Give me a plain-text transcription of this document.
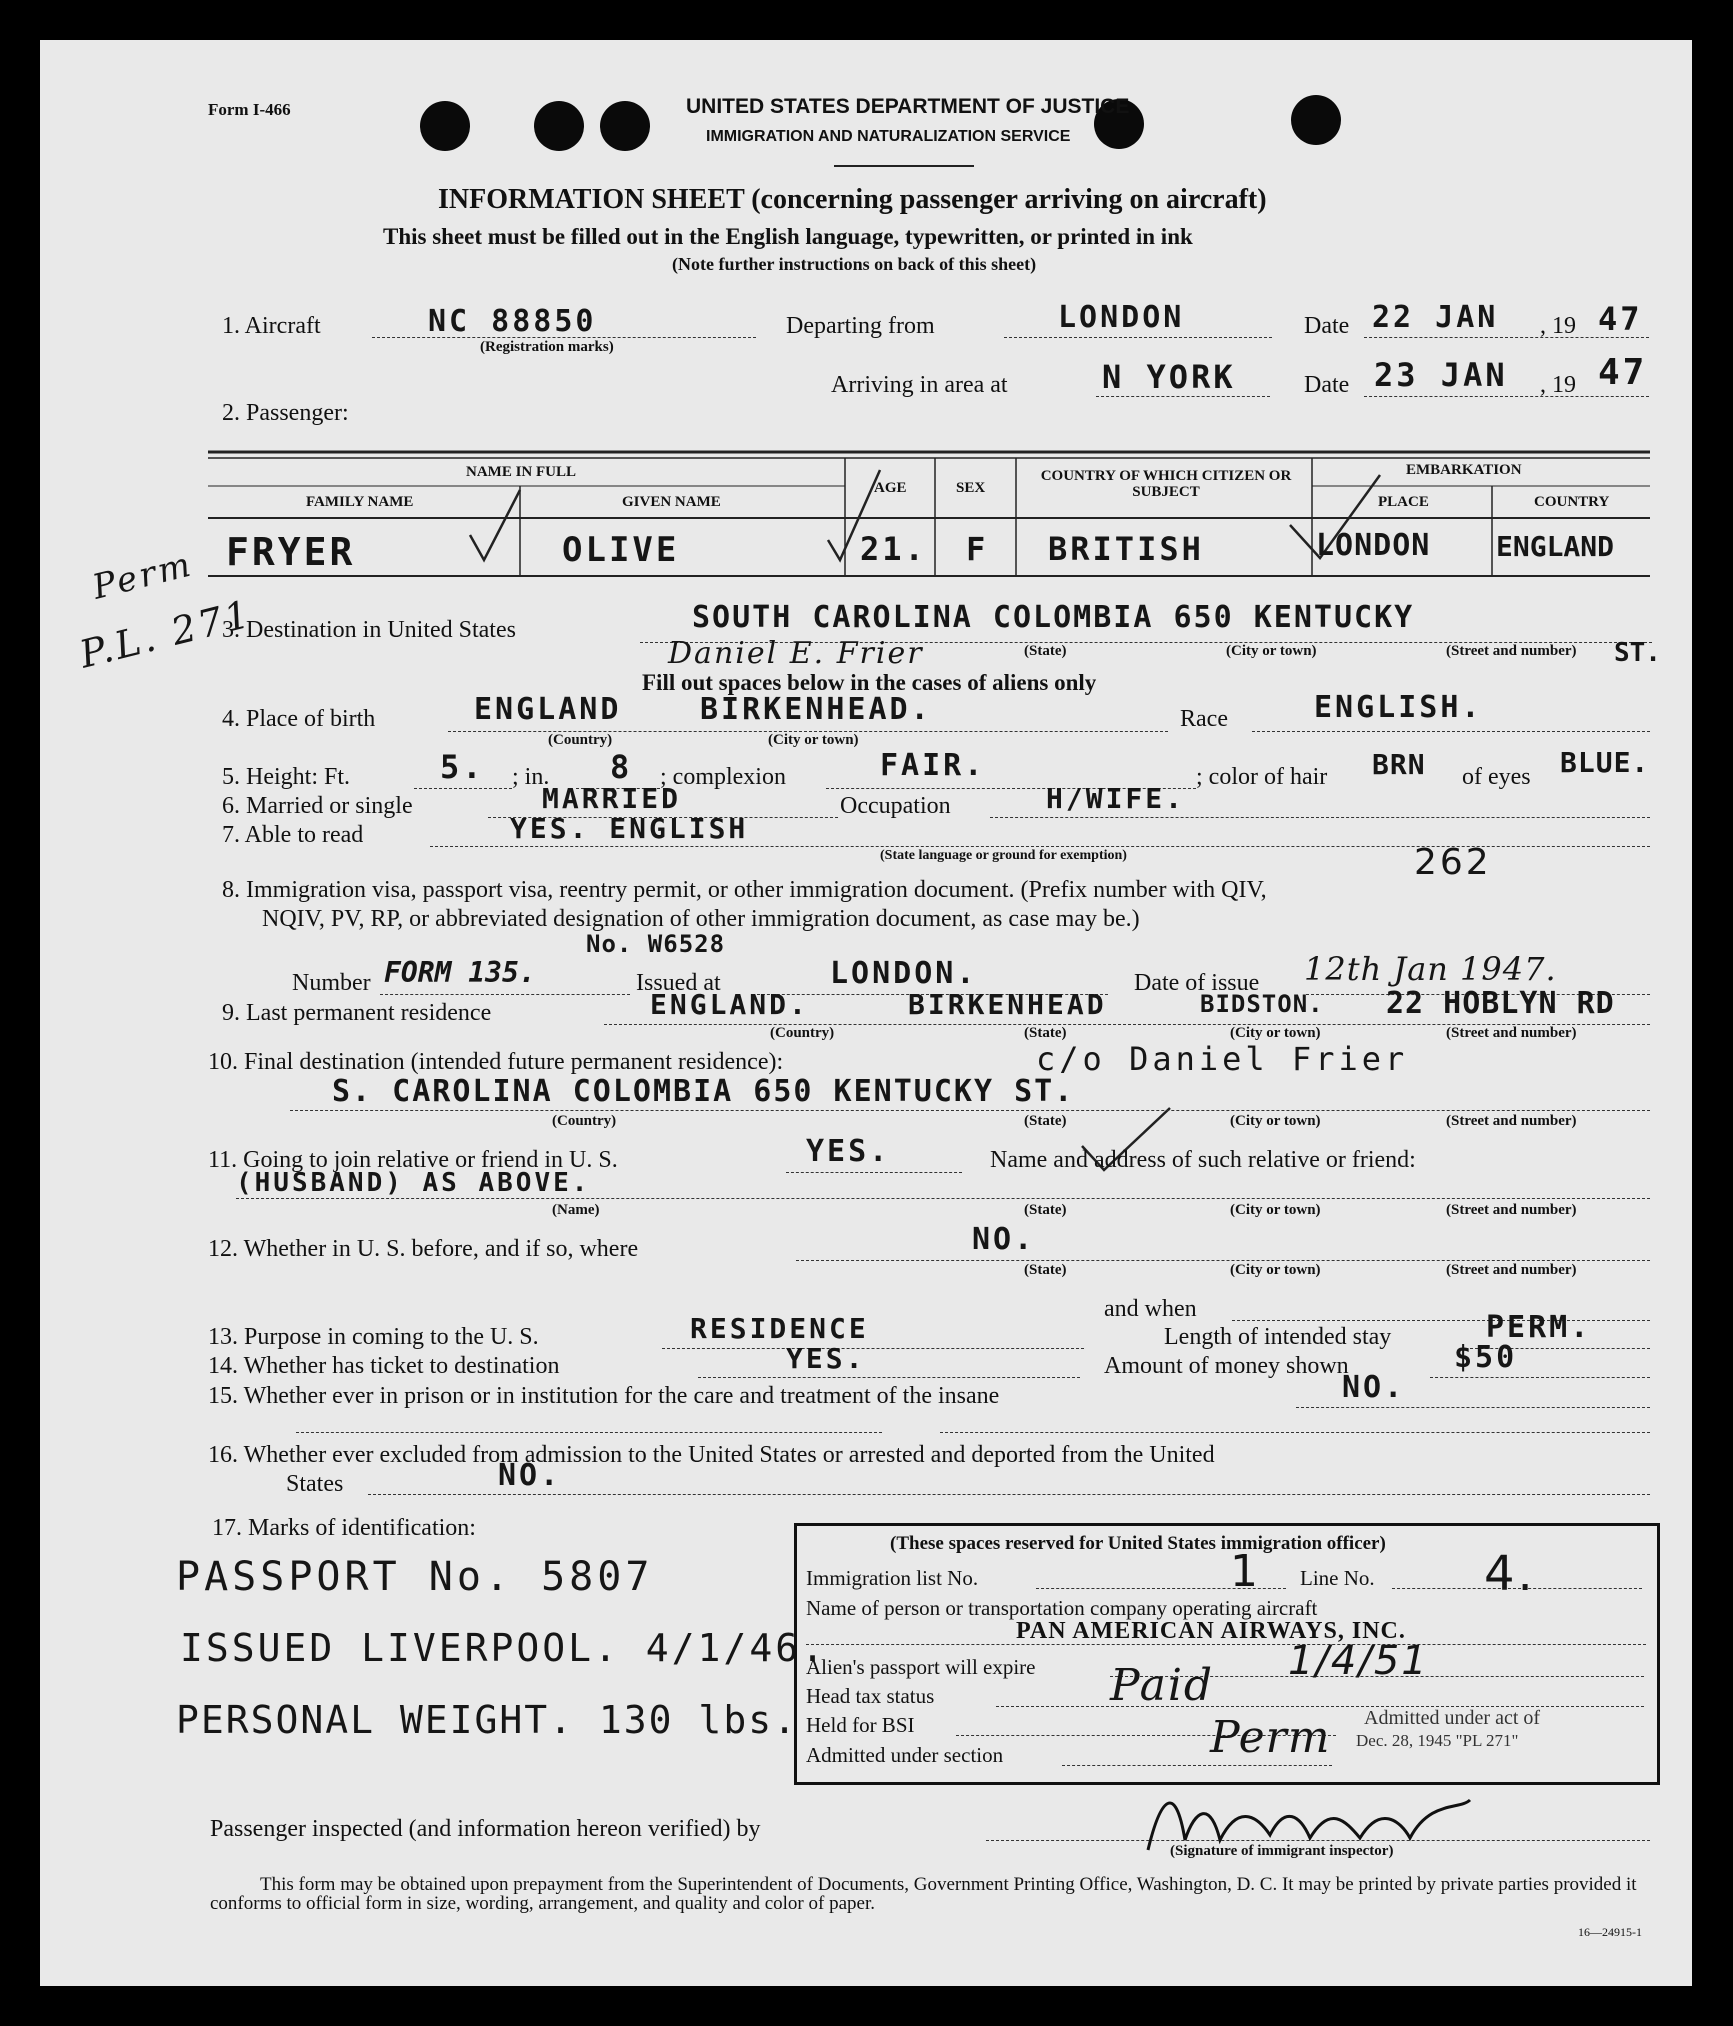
Form I-466	UNITED STATES DEPARTMENT OF JUSTICE
IMMIGRATION AND NATURALIZATION SERVICE
INFORMATION SHEET (concerning passenger arriving on aircraft)
This sheet must be filled out in the English language, typewritten, or printed in ink
(Note further instructions on back of this sheet)
1. Aircraft	NC 88850
(Registration marks)
Departing from	LONDON	Date 22 JAN , 19 47
Arriving in area at	N YORK	Date 23 JAN , 19 47
2. Passenger:
NAME IN FULL
FAMILY NAME	GIVEN NAME
AGE	SEX
COUNTRY OF WHICH CITIZEN OR SUBJECT
EMBARKATION
PLACE	COUNTRY
FRYER	OLIVE	21. F BRITISH	LONDON ENGLAND
Perm
P.L. 271
3. Destination in United States	SOUTH CAROLINA COLOMBIA 650 KENTUCKY
ST.
Daniel E. Frier	(State)	(City or town)	(Street and number)
Fill out spaces below in the cases of aliens only
4. Place of birth	ENGLAND	BIRKENHEAD.
(Country)	(City or town)
Race	ENGLISH.
5. Height: Ft.	5. ; in. 8 ; complexion	FAIR.	; color of hair BRN of eyes BLUE.
6. Married or single	MARRIED	Occupation	H/WIFE.
7. Able to read	YES. ENGLISH
(State language or ground for exemption)	262
8. Immigration visa, passport visa, reentry permit, or other immigration document. (Prefix number with QIV,
NQIV, PV, RP, or abbreviated designation of other immigration document, as case may be.)
No. W6528
Number FORM 135.	Issued at	LONDON.	Date of issue 12th Jan 1947.
9. Last permanent residence	ENGLAND.	BIRKENHEAD	BIDSTON. 22 HOBLYN RD
(Country)	(State)	(City or town)	(Street and number)
10. Final destination (intended future permanent residence):	c/o Daniel Frier
S. CAROLINA COLOMBIA 650 KENTUCKY ST.
(Country)	(State)	(City or town)	(Street and number)
11. Going to join relative or friend in U. S.	YES.	Name and address of such relative or friend:
(HUSBAND) AS ABOVE.
(Name)	(State)	(City or town)	(Street and number)
12. Whether in U. S. before, and if so, where	NO.
(State)	(City or town)	(Street and number)
and when
13. Purpose in coming to the U. S.	RESIDENCE	Length of intended stay	PERM.
14. Whether has ticket to destination	YES.	Amount of money shown	$50
15. Whether ever in prison or in institution for the care and treatment of the insane	NO.
16. Whether ever excluded from admission to the United States or arrested and deported from the United
States	NO.
17. Marks of identification:
PASSPORT No. 5807
ISSUED LIVERPOOL. 4/1/46.
PERSONAL WEIGHT. 130 lbs.
(These spaces reserved for United States immigration officer)
Immigration list No.	1 Line No. 4.
Name of person or transportation company operating aircraft
PAN AMERICAN AIRWAYS, INC.
Alien's passport will expire	1/4/51
Head tax status	Paid
Held for BSI
Admitted under section	Perm Admitted under act of
Dec. 28, 1945 "PL 271"
Passenger inspected (and information hereon verified) by
(Signature of immigrant inspector)
This form may be obtained upon prepayment from the Superintendent of Documents, Government Printing Office, Washington, D. C. It may be printed by private parties provided it conforms to official form in size, wording, arrangement, and quality and color of paper.
16—24915-1
